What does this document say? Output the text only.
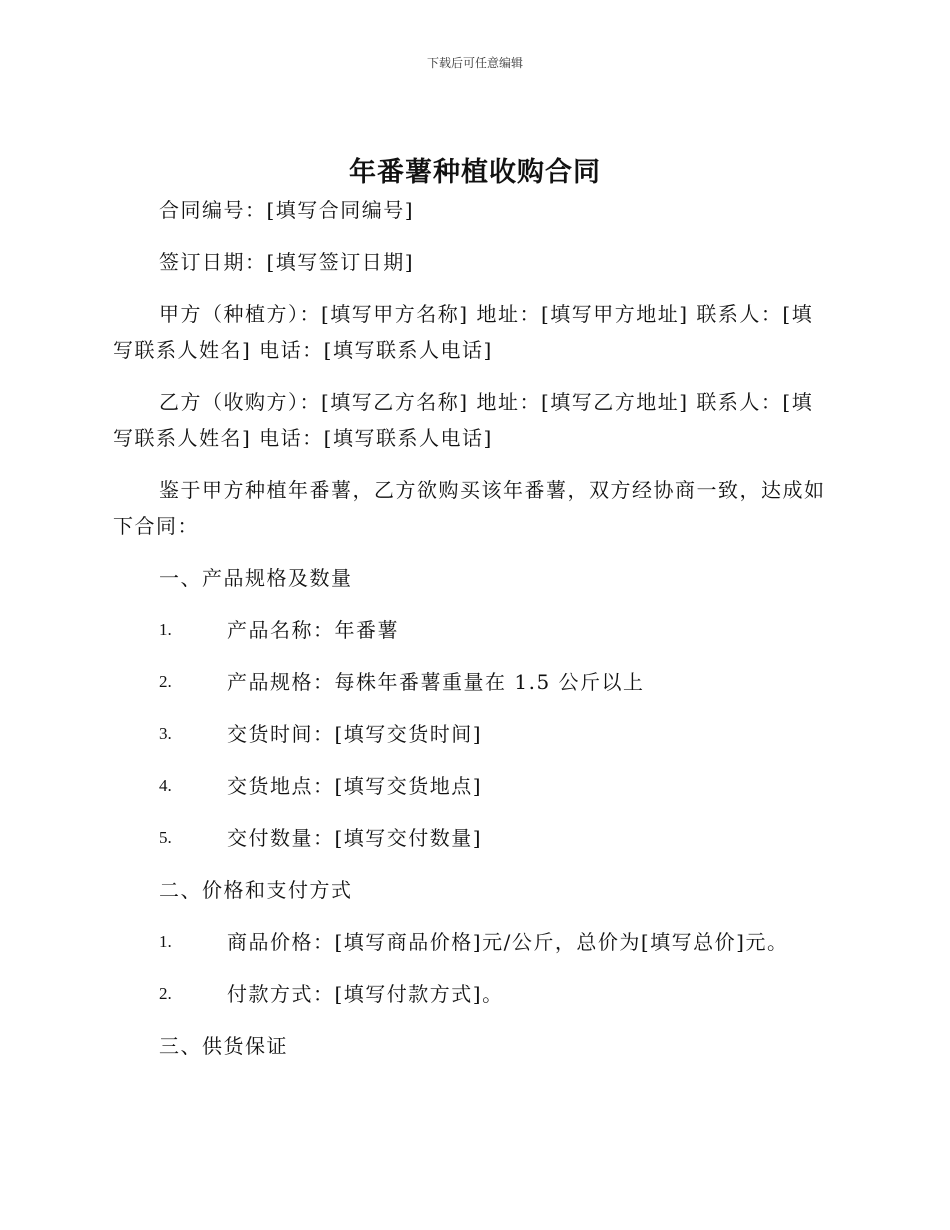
下载后可任意编辑
年番薯种植收购合同

合同编号：[填写合同编号]

签订日期：[填写签订日期]

甲方（种植方）：[填写甲方名称] 地址：[填写甲方地址] 联系人：[填写联系人姓名] 电话：[填写联系人电话]

乙方（收购方）：[填写乙方名称] 地址：[填写乙方地址] 联系人：[填写联系人姓名] 电话：[填写联系人电话]

鉴于甲方种植年番薯，乙方欲购买该年番薯，双方经协商一致，达成如下合同：

一、产品规格及数量

1.	产品名称：年番薯
2.	产品规格：每株年番薯重量在 1.5 公斤以上
3.	交货时间：[填写交货时间]
4.	交货地点：[填写交货地点]
5.	交付数量：[填写交付数量]

二、价格和支付方式

1.	商品价格：[填写商品价格]元/公斤，总价为[填写总价]元。
2.	付款方式：[填写付款方式]。

三、供货保证
